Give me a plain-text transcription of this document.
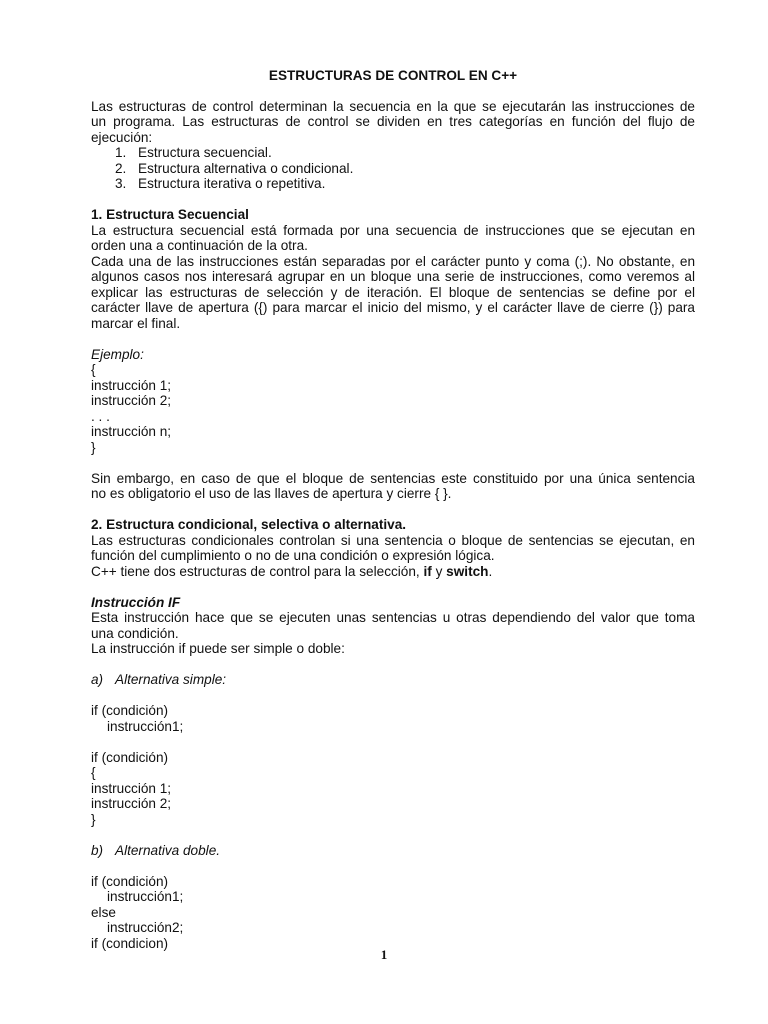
ESTRUCTURAS DE CONTROL EN C++

Las estructuras de control determinan la secuencia en la que se ejecutarán las instrucciones de

un programa. Las estructuras de control se dividen en tres categorías en función del flujo de

ejecución:

1. Estructura secuencial.
2. Estructura alternativa o condicional.
3. Estructura iterativa o repetitiva.

1. Estructura Secuencial

La estructura secuencial está formada por una secuencia de instrucciones que se ejecutan en

orden una a continuación de la otra.

Cada una de las instrucciones están separadas por el carácter punto y coma (;). No obstante, en

algunos casos nos interesará agrupar en un bloque una serie de instrucciones, como veremos al

explicar las estructuras de selección y de iteración. El bloque de sentencias se define por el

carácter llave de apertura ({) para marcar el inicio del mismo, y el carácter llave de cierre (}) para

marcar el final.

Ejemplo:

{

instrucción 1;

instrucción 2;

. . .

instrucción n;

}

Sin embargo, en caso de que el bloque de sentencias este constituido por una única sentencia

no es obligatorio el uso de las llaves de apertura y cierre { }.

2. Estructura condicional, selectiva o alternativa.

Las estructuras condicionales controlan si una sentencia o bloque de sentencias se ejecutan, en

función del cumplimiento o no de una condición o expresión lógica.

C++ tiene dos estructuras de control para la selección, if y switch.

Instrucción IF

Esta instrucción hace que se ejecuten unas sentencias u otras dependiendo del valor que toma

una condición.

La instrucción if puede ser simple o doble:

a) Alternativa simple:

if (condición)

instrucción1;

if (condición)

{

instrucción 1;

instrucción 2;

}

b) Alternativa doble.

if (condición)

instrucción1;

else

instrucción2;

if (condicion)

1
